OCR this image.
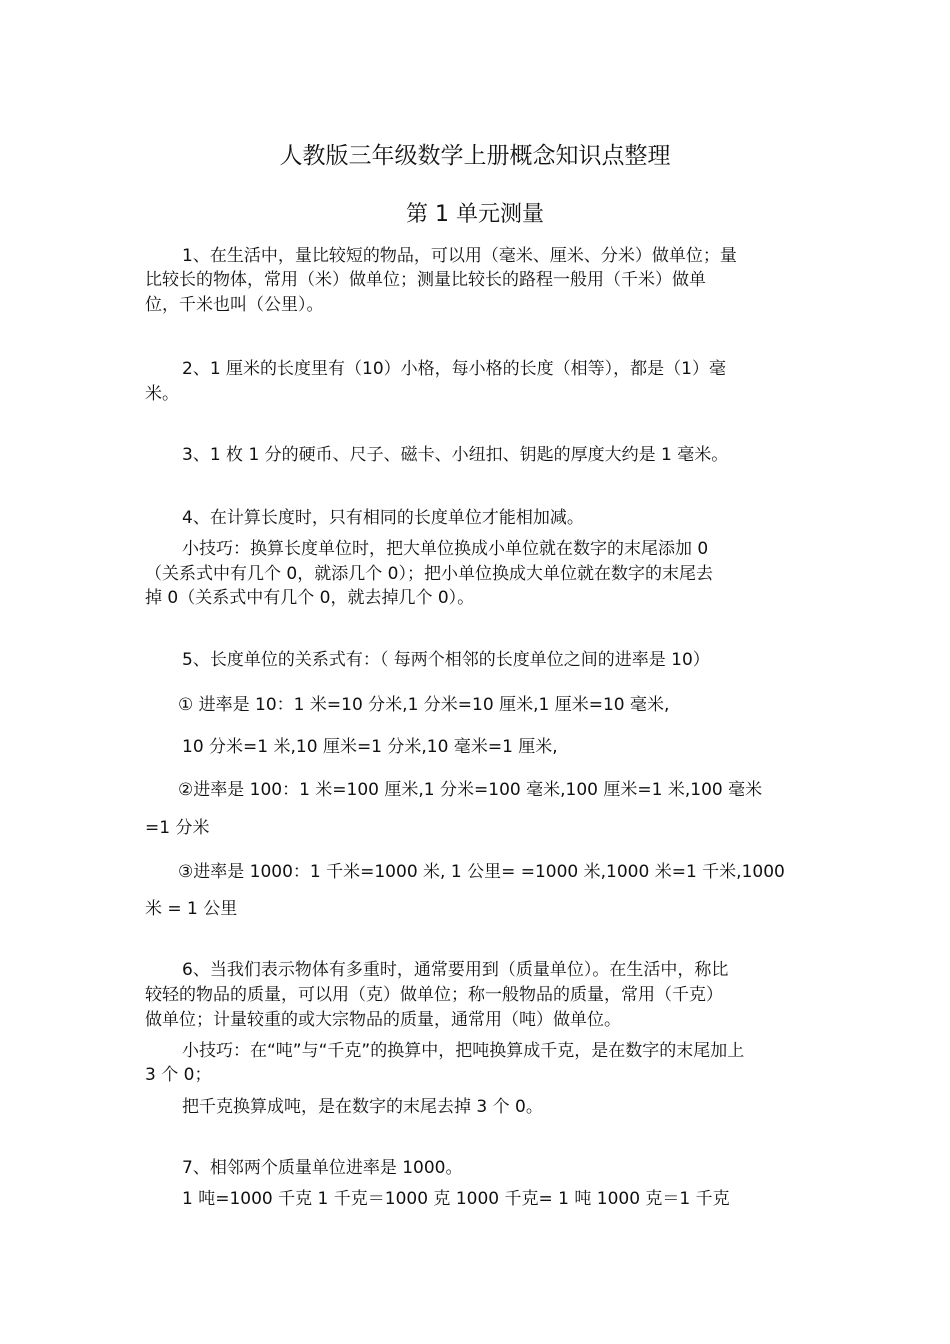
人教版三年级数学上册概念知识点整理
第 1 单元测量

1、在生活中，量比较短的物品，可以用（毫米、厘米、分米）做单位；量

比较长的物体，常用（米）做单位；测量比较长的路程一般用（千米）做单

位，千米也叫（公里）。

2、1 厘米的长度里有（10）小格，每小格的长度（相等），都是（1）毫

米。

3、1 枚 1 分的硬币、尺子、磁卡、小纽扣、钥匙的厚度大约是 1 毫米。

4、在计算长度时，只有相同的长度单位才能相加减。

小技巧：换算长度单位时，把大单位换成小单位就在数字的末尾添加 0

（关系式中有几个 0，就添几个 0）；把小单位换成大单位就在数字的末尾去

掉 0（关系式中有几个 0，就去掉几个 0）。

5、长度单位的关系式有：（ 每两个相邻的长度单位之间的进率是 10）

① 进率是 10：1 米=10 分米,1 分米=10 厘米,1 厘米=10 毫米,

10 分米=1 米,10 厘米=1 分米,10 毫米=1 厘米,

②进率是 100：1 米=100 厘米,1 分米=100 毫米,100 厘米=1 米,100 毫米

=1 分米

③进率是 1000：1 千米=1000 米, 1 公里= =1000 米,1000 米=1 千米,1000

米 = 1 公里

6、当我们表示物体有多重时，通常要用到（质量单位）。在生活中，称比

较轻的物品的质量，可以用（克）做单位；称一般物品的质量，常用（千克）

做单位；计量较重的或大宗物品的质量，通常用（吨）做单位。

小技巧：在“吨”与“千克”的换算中，把吨换算成千克，是在数字的末尾加上

3 个 0；

把千克换算成吨，是在数字的末尾去掉 3 个 0。

7、相邻两个质量单位进率是 1000。

1 吨=1000 千克 1 千克＝1000 克 1000 千克= 1 吨 1000 克＝1 千克
